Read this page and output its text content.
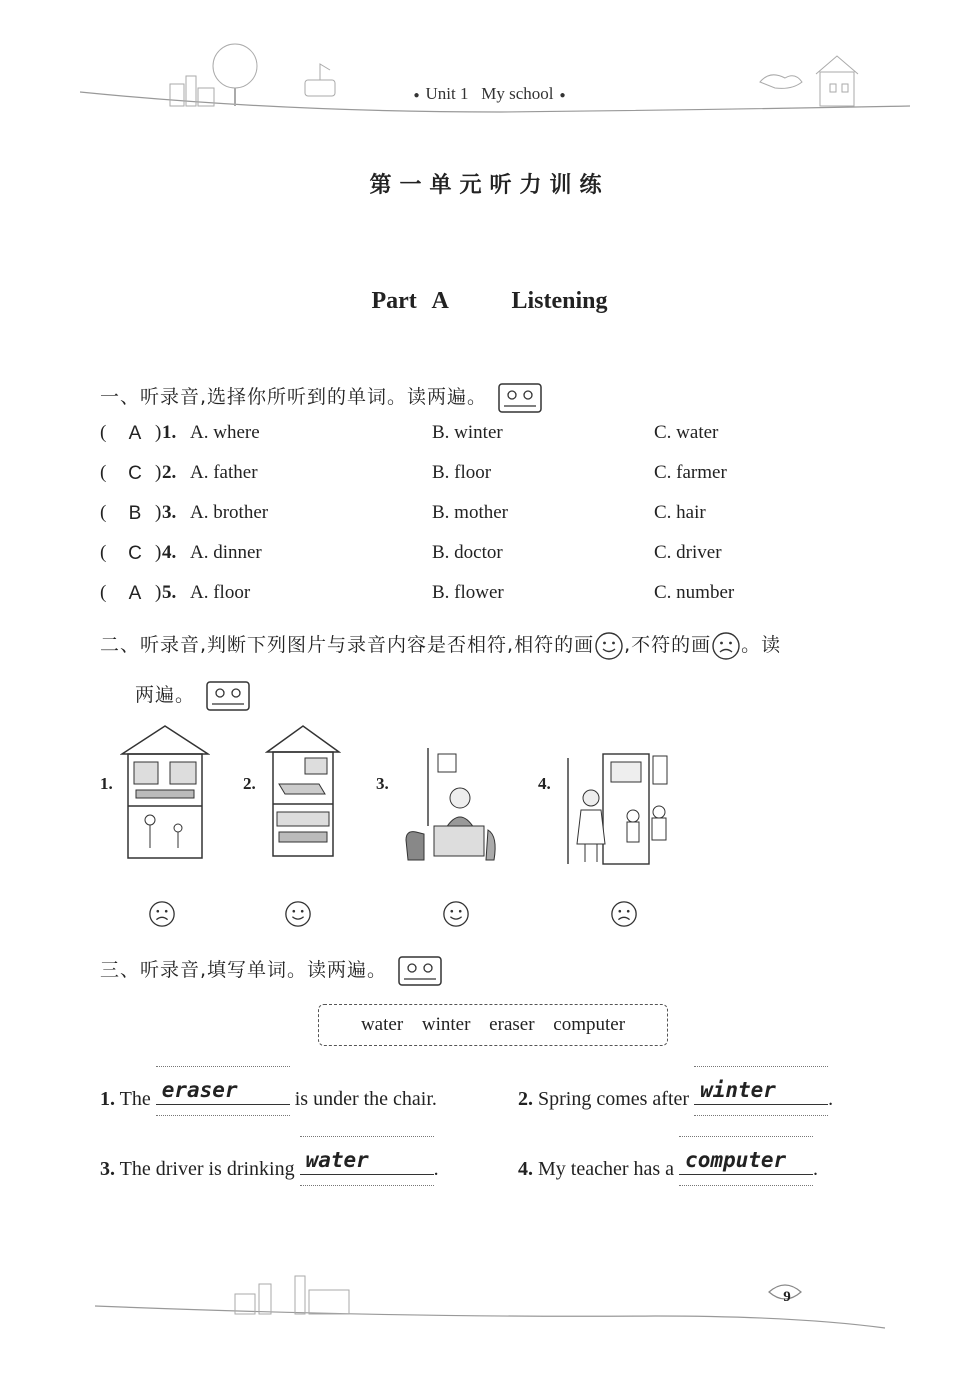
● Unit 1 My school ●
第一单元听力训练
Part A    Listening
一、听录音,选择你所听到的单词。读两遍。
( A ) 1. A. where	B. winter	C. water
( C ) 2. A. father	B. floor	C. farmer
( B ) 3. A. brother	B. mother	C. hair
( C ) 4. A. dinner	B. doctor	C. driver
( A ) 5. A. floor	B. flower	C. number
二、听录音,判断下列图片与录音内容是否相符,相符的画 ,不符的画 。读
两遍。
1.	2.	3.	4.
三、听录音,填写单词。读两遍。
water winter eraser computer
1. The eraser	is under the chair.	2. Spring comes after winter	.
3. The driver is drinking water	.	4. My teacher has a computer .
9
